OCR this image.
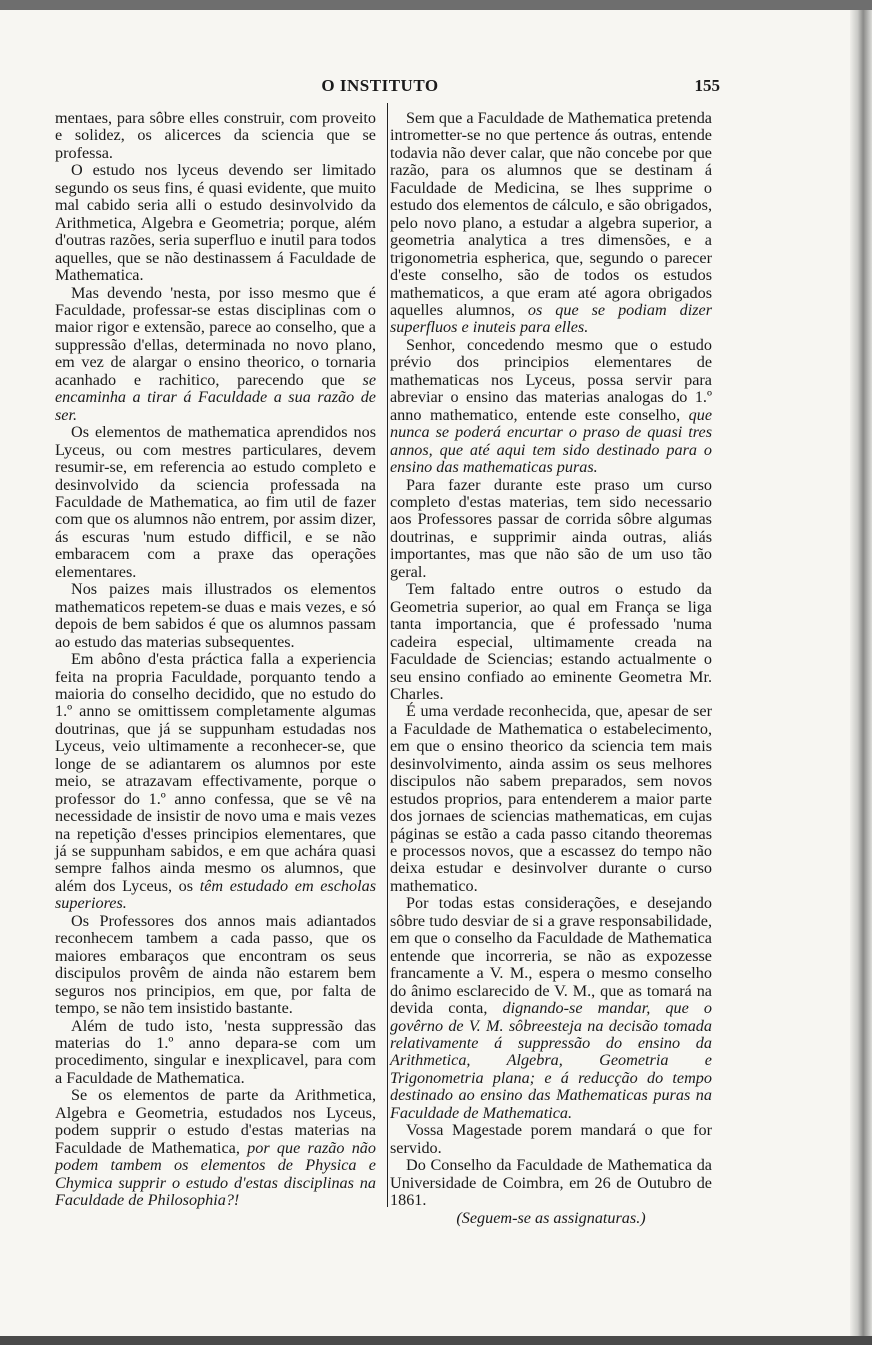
O INSTITUTO	155

mentaes, para sôbre elles construir, com proveito e solidez, os alicerces da sciencia que se professa.

O estudo nos lyceus devendo ser limitado segundo os seus fins, é quasi evidente, que muito mal cabido seria alli o estudo desinvolvido da Arithmetica, Algebra e Geometria; porque, além d'outras razões, seria superfluo e inutil para todos aquelles, que se não destinassem á Faculdade de Mathematica.

Mas devendo 'nesta, por isso mesmo que é Faculdade, professar-se estas disciplinas com o maior rigor e extensão, parece ao conselho, que a suppressão d'ellas, determinada no novo plano, em vez de alargar o ensino theorico, o tornaria acanhado e rachitico, parecendo que se encaminha a tirar á Faculdade a sua razão de ser.

Os elementos de mathematica aprendidos nos Lyceus, ou com mestres particulares, devem resumir-se, em referencia ao estudo completo e desinvolvido da sciencia professada na Faculdade de Mathematica, ao fim util de fazer com que os alumnos não entrem, por assim dizer, ás escuras 'num estudo difficil, e se não embaracem com a praxe das operações elementares.

Nos paizes mais illustrados os elementos mathematicos repetem-se duas e mais vezes, e só depois de bem sabidos é que os alumnos passam ao estudo das materias subsequentes.

Em abôno d'esta práctica falla a experiencia feita na propria Faculdade, porquanto tendo a maioria do conselho decidido, que no estudo do 1.º anno se omittissem completamente algumas doutrinas, que já se suppunham estudadas nos Lyceus, veio ultimamente a reconhecer-se, que longe de se adiantarem os alumnos por este meio, se atrazavam effectivamente, porque o professor do 1.º anno confessa, que se vê na necessidade de insistir de novo uma e mais vezes na repetição d'esses principios elementares, que já se suppunham sabidos, e em que achára quasi sempre falhos ainda mesmo os alumnos, que além dos Lyceus, os têm estudado em escholas superiores.

Os Professores dos annos mais adiantados reconhecem tambem a cada passo, que os maiores embaraços que encontram os seus discipulos provêm de ainda não estarem bem seguros nos principios, em que, por falta de tempo, se não tem insistido bastante.

Além de tudo isto, 'nesta suppressão das materias do 1.º anno depara-se com um procedimento, singular e inexplicavel, para com a Faculdade de Mathematica.

Se os elementos de parte da Arithmetica, Algebra e Geometria, estudados nos Lyceus, podem supprir o estudo d'estas materias na Faculdade de Mathematica, por que razão não podem tambem os elementos de Physica e Chymica supprir o estudo d'estas disciplinas na Faculdade de Philosophia?!

Sem que a Faculdade de Mathematica pretenda intrometter-se no que pertence ás outras, entende todavia não dever calar, que não concebe por que razão, para os alumnos que se destinam á Faculdade de Medicina, se lhes supprime o estudo dos elementos de cálculo, e são obrigados, pelo novo plano, a estudar a algebra superior, a geometria analytica a tres dimensões, e a trigonometria espherica, que, segundo o parecer d'este conselho, são de todos os estudos mathematicos, a que eram até agora obrigados aquelles alumnos, os que se podiam dizer superfluos e inuteis para elles.

Senhor, concedendo mesmo que o estudo prévio dos principios elementares de mathematicas nos Lyceus, possa servir para abreviar o ensino das materias analogas do 1.º anno mathematico, entende este conselho, que nunca se poderá encurtar o praso de quasi tres annos, que até aqui tem sido destinado para o ensino das mathematicas puras.

Para fazer durante este praso um curso completo d'estas materias, tem sido necessario aos Professores passar de corrida sôbre algumas doutrinas, e supprimir ainda outras, aliás importantes, mas que não são de um uso tão geral.

Tem faltado entre outros o estudo da Geometria superior, ao qual em França se liga tanta importancia, que é professado 'numa cadeira especial, ultimamente creada na Faculdade de Sciencias; estando actualmente o seu ensino confiado ao eminente Geometra Mr. Charles.

É uma verdade reconhecida, que, apesar de ser a Faculdade de Mathematica o estabelecimento, em que o ensino theorico da sciencia tem mais desinvolvimento, ainda assim os seus melhores discipulos não sabem preparados, sem novos estudos proprios, para entenderem a maior parte dos jornaes de sciencias mathematicas, em cujas páginas se estão a cada passo citando theoremas e processos novos, que a escassez do tempo não deixa estudar e desinvolver durante o curso mathematico.

Por todas estas considerações, e desejando sôbre tudo desviar de si a grave responsabilidade, em que o conselho da Faculdade de Mathematica entende que incorreria, se não as expozesse francamente a V. M., espera o mesmo conselho do ânimo esclarecido de V. M., que as tomará na devida conta, dignando-se mandar, que o govêrno de V. M. sôbreesteja na decisão tomada relativamente á suppressão do ensino da Arithmetica, Algebra, Geometria e Trigonometria plana; e á reducção do tempo destinado ao ensino das Mathematicas puras na Faculdade de Mathematica.

Vossa Magestade porem mandará o que for servido.

Do Conselho da Faculdade de Mathematica da Universidade de Coimbra, em 26 de Outubro de 1861.

(Seguem-se as assignaturas.)
